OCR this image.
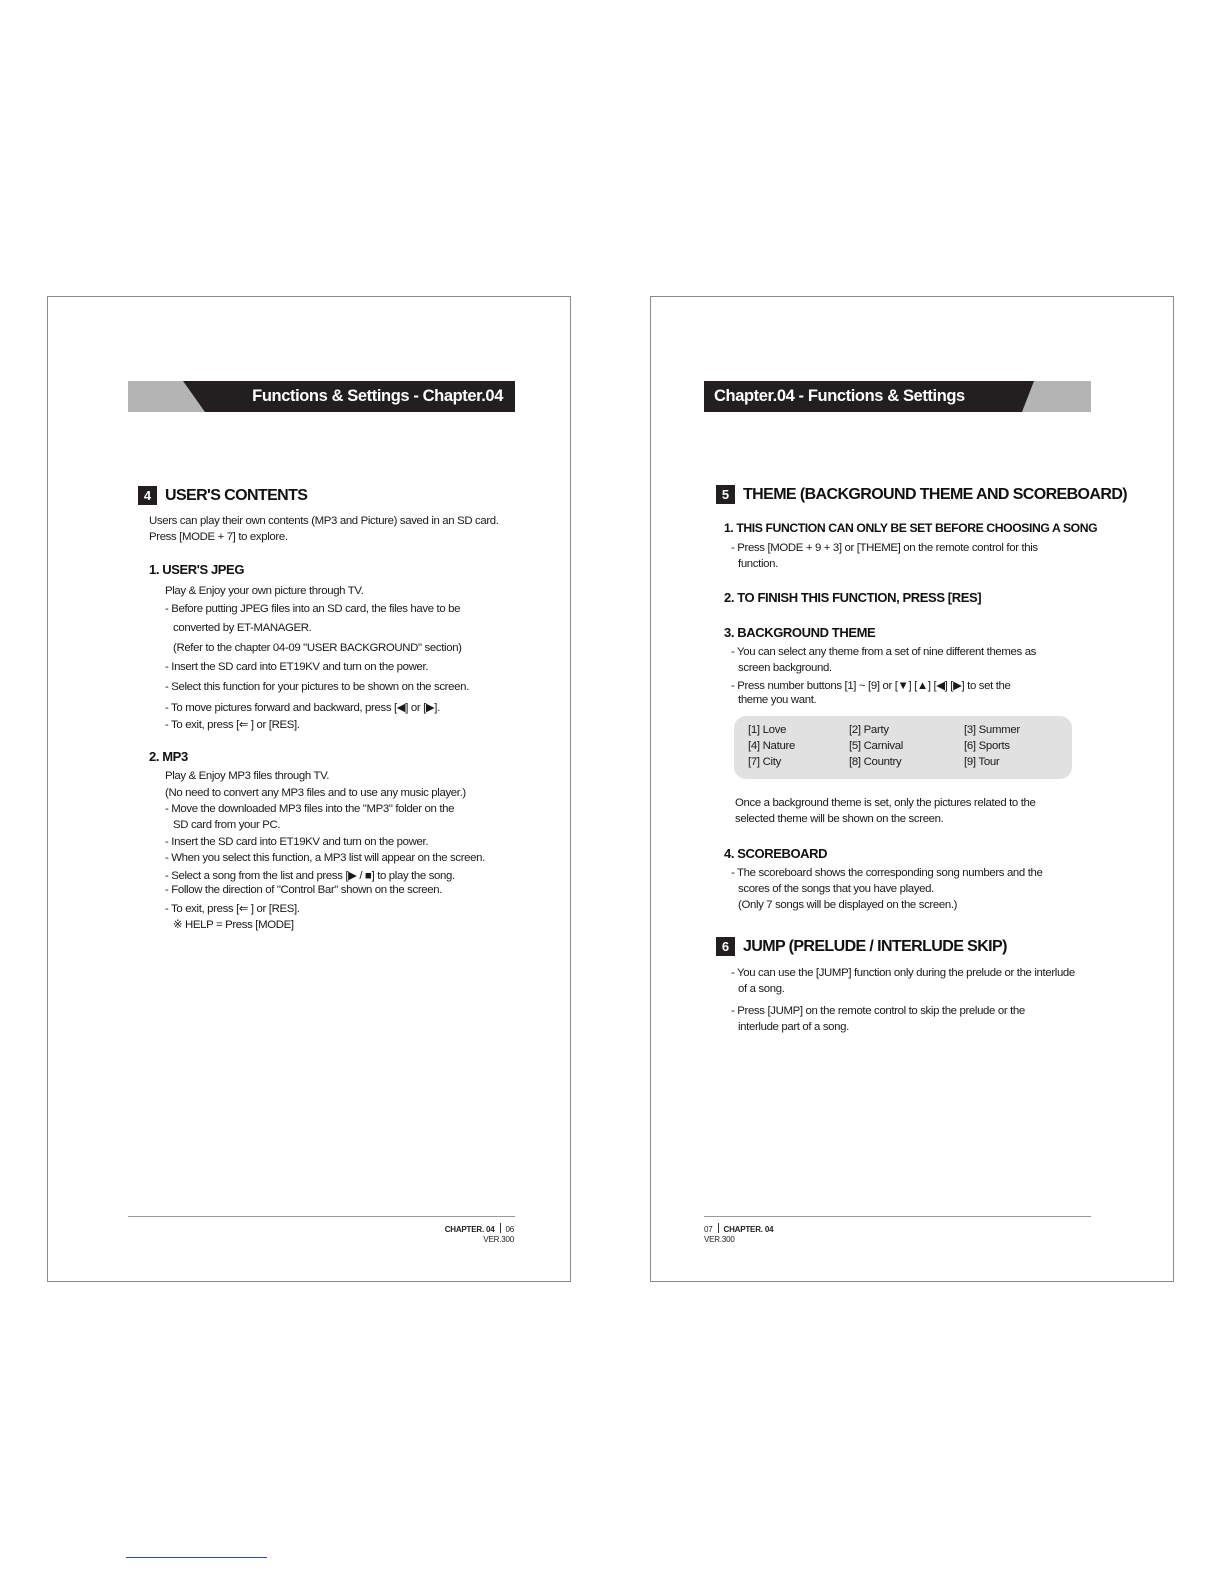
Functions & Settings - Chapter.04
4 USER'S CONTENTS
Users can play their own contents (MP3 and Picture) saved in an SD card.
Press [MODE + 7] to explore.
1. USER'S JPEG
Play & Enjoy your own picture through TV.
- Before putting JPEG files into an SD card, the files have to be
converted by ET-MANAGER.
(Refer to the chapter 04-09 "USER BACKGROUND" section)
- Insert the SD card into ET19KV and turn on the power.
- Select this function for your pictures to be shown on the screen.
- To move pictures forward and backward, press [◀] or [▶].
- To exit, press [⇐ ] or [RES].
2. MP3
Play & Enjoy MP3 files through TV.
(No need to convert any MP3 files and to use any music player.)
- Move the downloaded MP3 files into the "MP3" folder on the
SD card from your PC.
- Insert the SD card into ET19KV and turn on the power.
- When you select this function, a MP3 list will appear on the screen.
- Select a song from the list and press [▶ / ■] to play the song.
- Follow the direction of "Control Bar" shown on the screen.
- To exit, press [⇐ ] or [RES].
※ HELP = Press [MODE]
CHAPTER. 04 06
VER.300
Chapter.04 - Functions & Settings
5 THEME (BACKGROUND THEME AND SCOREBOARD)
1. THIS FUNCTION CAN ONLY BE SET BEFORE CHOOSING A SONG
- Press [MODE + 9 + 3] or [THEME] on the remote control for this
function.
2. TO FINISH THIS FUNCTION, PRESS [RES]
3. BACKGROUND THEME
- You can select any theme from a set of nine different themes as
screen background.
- Press number buttons [1] ~ [9] or [▼] [▲] [◀] [▶] to set the
theme you want.
[1] Love	[2] Party	[3] Summer
[4] Nature	[5] Carnival	[6] Sports
[7] City	[8] Country	[9] Tour
Once a background theme is set, only the pictures related to the
selected theme will be shown on the screen.
4. SCOREBOARD
- The scoreboard shows the corresponding song numbers and the
scores of the songs that you have played.
(Only 7 songs will be displayed on the screen.)
6 JUMP (PRELUDE / INTERLUDE SKIP)
- You can use the [JUMP] function only during the prelude or the interlude
of a song.
- Press [JUMP] on the remote control to skip the prelude or the
interlude part of a song.
07 CHAPTER. 04
VER.300
